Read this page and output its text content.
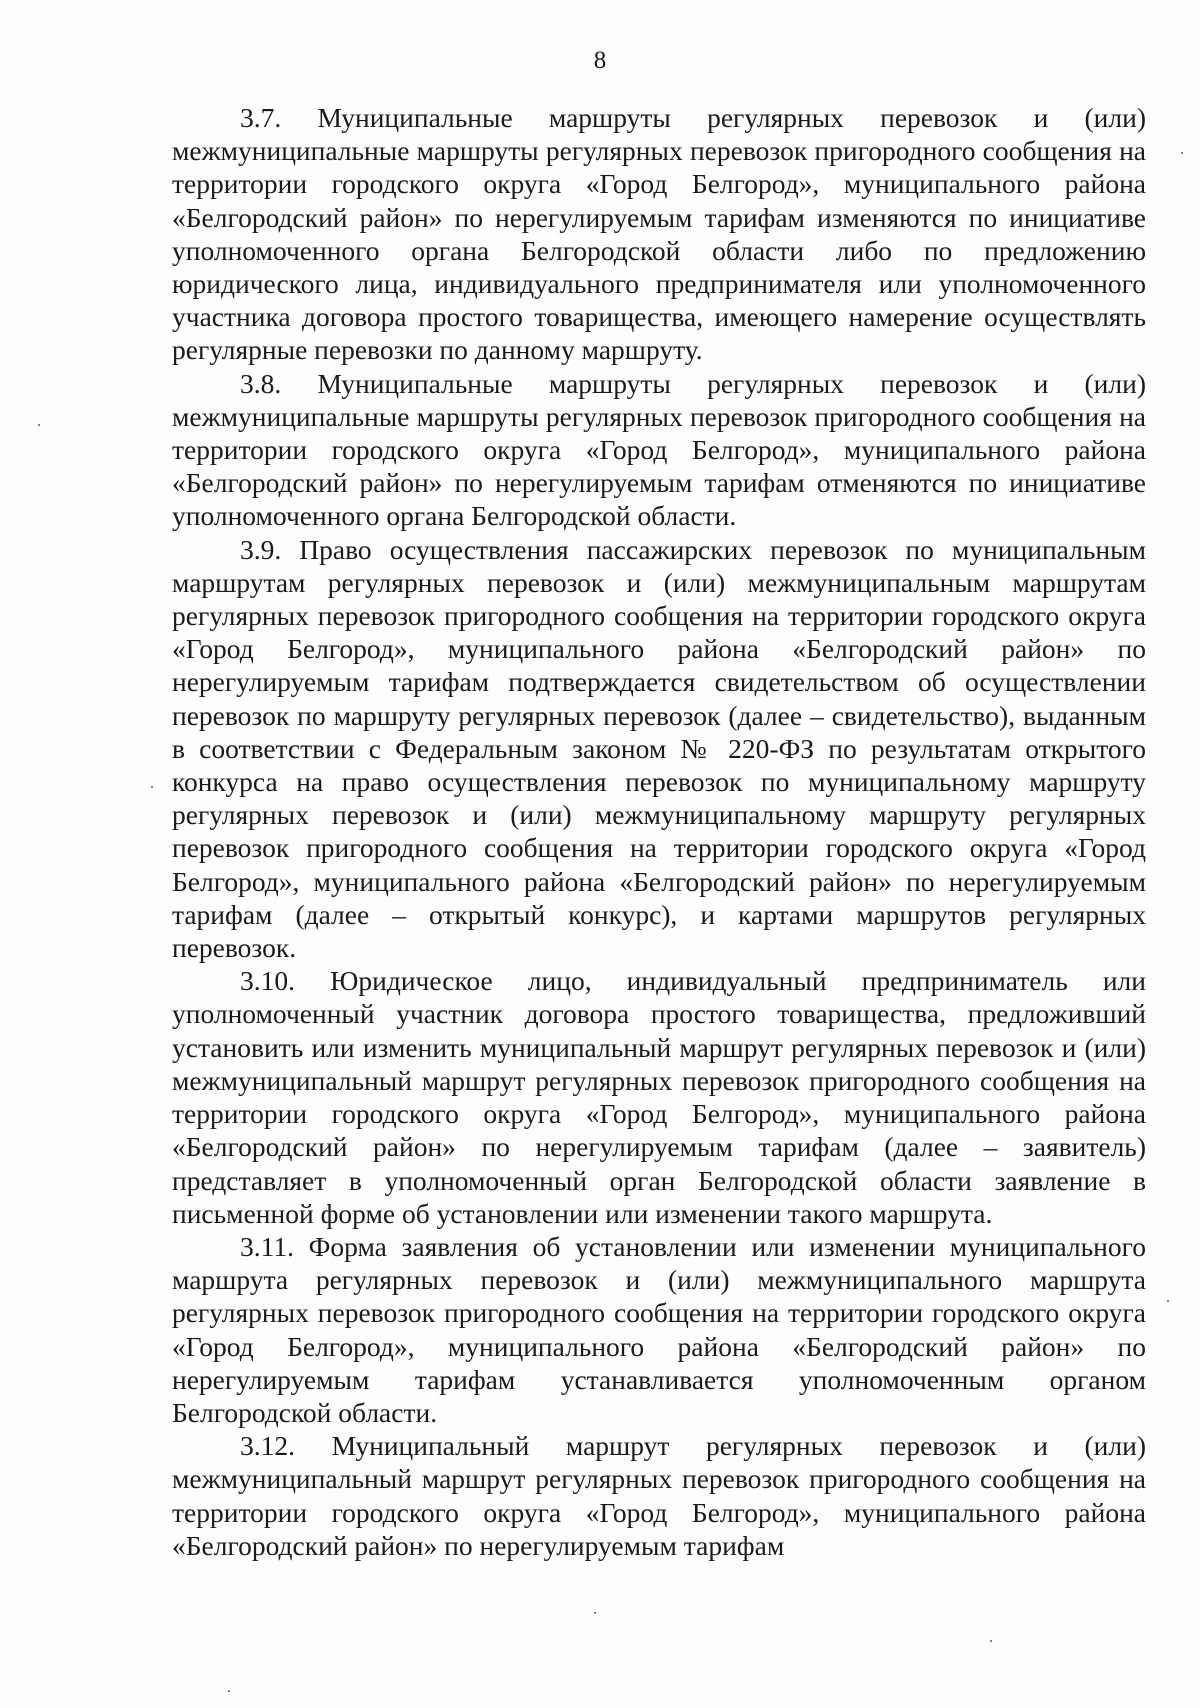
8

3.7. Муниципальные маршруты регулярных перевозок и (или) межмуниципальные маршруты регулярных перевозок пригородного сообщения на территории городского округа «Город Белгород», муниципального района «Белгородский район» по нерегулируемым тарифам изменяются по инициативе уполномоченного органа Белгородской области либо по предложению юридического лица, индивидуального предпринимателя или уполномоченного участника договора простого товарищества, имеющего намерение осуществлять регулярные перевозки по данному маршруту.

3.8. Муниципальные маршруты регулярных перевозок и (или) межмуниципальные маршруты регулярных перевозок пригородного сообщения на территории городского округа «Город Белгород», муниципального района «Белгородский район» по нерегулируемым тарифам отменяются по инициативе уполномоченного органа Белгородской области.

3.9. Право осуществления пассажирских перевозок по муниципальным маршрутам регулярных перевозок и (или) межмуниципальным маршрутам регулярных перевозок пригородного сообщения на территории городского округа «Город Белгород», муниципального района «Белгородский район» по нерегулируемым тарифам подтверждается свидетельством об осуществлении перевозок по маршруту регулярных перевозок (далее – свидетельство), выданным в соответствии с Федеральным законом № 220-ФЗ по результатам открытого конкурса на право осуществления перевозок по муниципальному маршруту регулярных перевозок и (или) межмуниципальному маршруту регулярных перевозок пригородного сообщения на территории городского округа «Город Белгород», муниципального района «Белгородский район» по нерегулируемым тарифам (далее – открытый конкурс), и картами маршрутов регулярных перевозок.

3.10. Юридическое лицо, индивидуальный предприниматель или уполномоченный участник договора простого товарищества, предложивший установить или изменить муниципальный маршрут регулярных перевозок и (или) межмуниципальный маршрут регулярных перевозок пригородного сообщения на территории городского округа «Город Белгород», муниципального района «Белгородский район» по нерегулируемым тарифам (далее – заявитель) представляет в уполномоченный орган Белгородской области заявление в письменной форме об установлении или изменении такого маршрута.

3.11. Форма заявления об установлении или изменении муниципального маршрута регулярных перевозок и (или) межмуниципального маршрута регулярных перевозок пригородного сообщения на территории городского округа «Город Белгород», муниципального района «Белгородский район» по нерегулируемым тарифам устанавливается уполномоченным органом Белгородской области.

3.12. Муниципальный маршрут регулярных перевозок и (или) межмуниципальный маршрут регулярных перевозок пригородного сообщения на территории городского округа «Город Белгород», муниципального района «Белгородский район» по нерегулируемым тарифам
